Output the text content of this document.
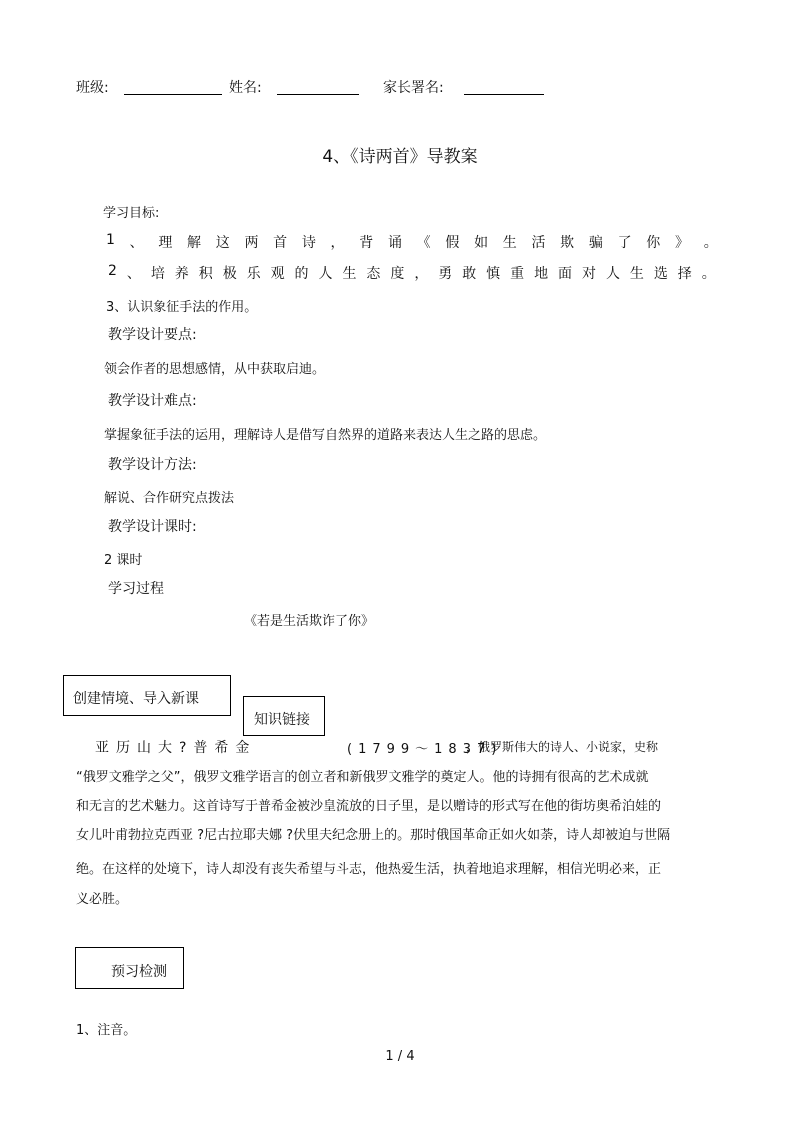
班级:	姓名:	家长署名:
4、《诗两首》导教案
学习目标:
1 、 理 解 这 两 首 诗 ， 背 诵 《 假 如 生 活 欺 骗 了 你 》 。
2 、 培 养 积 极 乐 观 的 人 生 态 度 ， 勇 敢 慎 重 地 面 对 人 生 选 择 。
3、认识象征手法的作用。
教学设计要点:
领会作者的思想感情，从中获取启迪。
教学设计难点:
掌握象征手法的运用，理解诗人是借写自然界的道路来表达人生之路的思虑。
教学设计方法:
解说、合作研究点拨法
教学设计课时:
2 课时
学习过程
《若是生活欺诈了你》
创建情境、导入新课
知识链接
亚历山大?普希金	(1799～1837)
，俄罗斯伟大的诗人、小说家，史称
“俄罗文雅学之父”，俄罗文雅学语言的创立者和新俄罗文雅学的奠定人。他的诗拥有很高的艺术成就
和无言的艺术魅力。这首诗写于普希金被沙皇流放的日子里，是以赠诗的形式写在他的街坊奥希泊娃的
女儿叶甫勃拉克西亚 ?尼古拉耶夫娜 ?伏里夫纪念册上的。那时俄国革命正如火如荼，诗人却被迫与世隔
绝。在这样的处境下，诗人却没有丧失希望与斗志，他热爱生活，执着地追求理解，相信光明必来，正
义必胜。
预习检测
1、注音。
1 / 4
